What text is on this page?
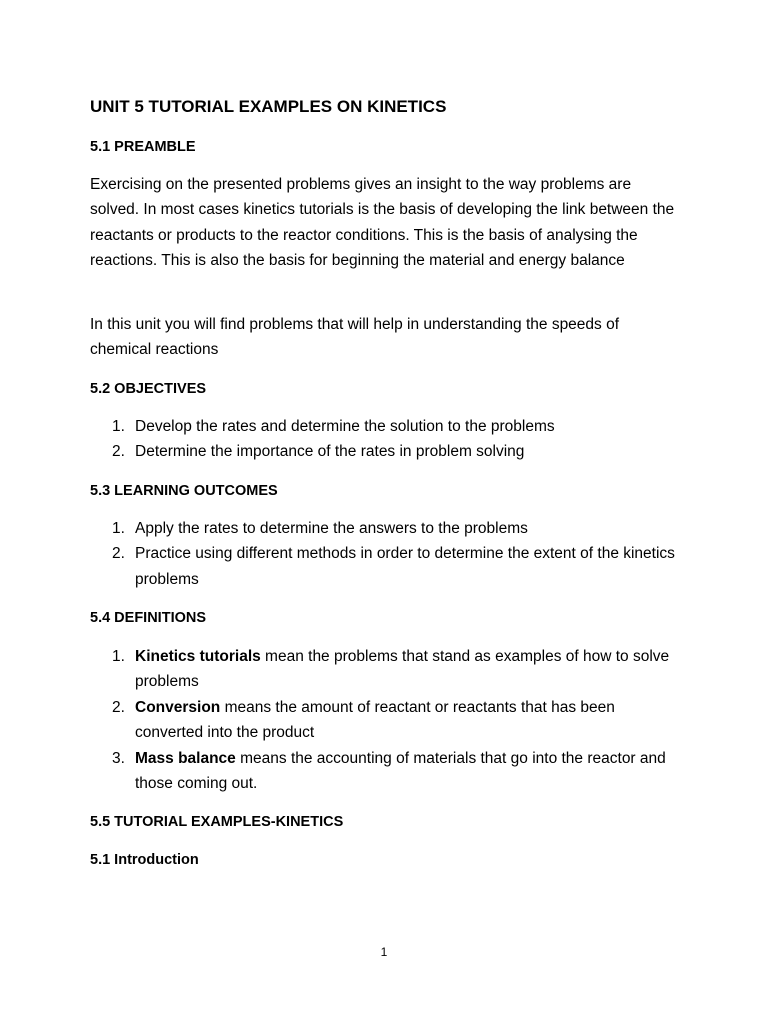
UNIT 5 TUTORIAL EXAMPLES ON KINETICS
5.1 PREAMBLE

Exercising on the presented problems gives an insight to the way problems are solved. In most cases kinetics tutorials is the basis of developing the link between the reactants or products to the reactor conditions. This is the basis of analysing the reactions. This is also the basis for beginning the material and energy balance

In this unit you will find problems that will help in understanding the speeds of chemical reactions

5.2 OBJECTIVES
1. Develop the rates and determine the solution to the problems
2. Determine the importance of the rates in problem solving
5.3 LEARNING OUTCOMES
1. Apply the rates to determine the answers to the problems
2. Practice using different methods in order to determine the extent of the kinetics problems
5.4 DEFINITIONS
1. Kinetics tutorials mean the problems that stand as examples of how to solve problems
2. Conversion means the amount of reactant or reactants that has been converted into the product
3. Mass balance means the accounting of materials that go into the reactor and those coming out.
5.5 TUTORIAL EXAMPLES-KINETICS
5.1 Introduction
1
